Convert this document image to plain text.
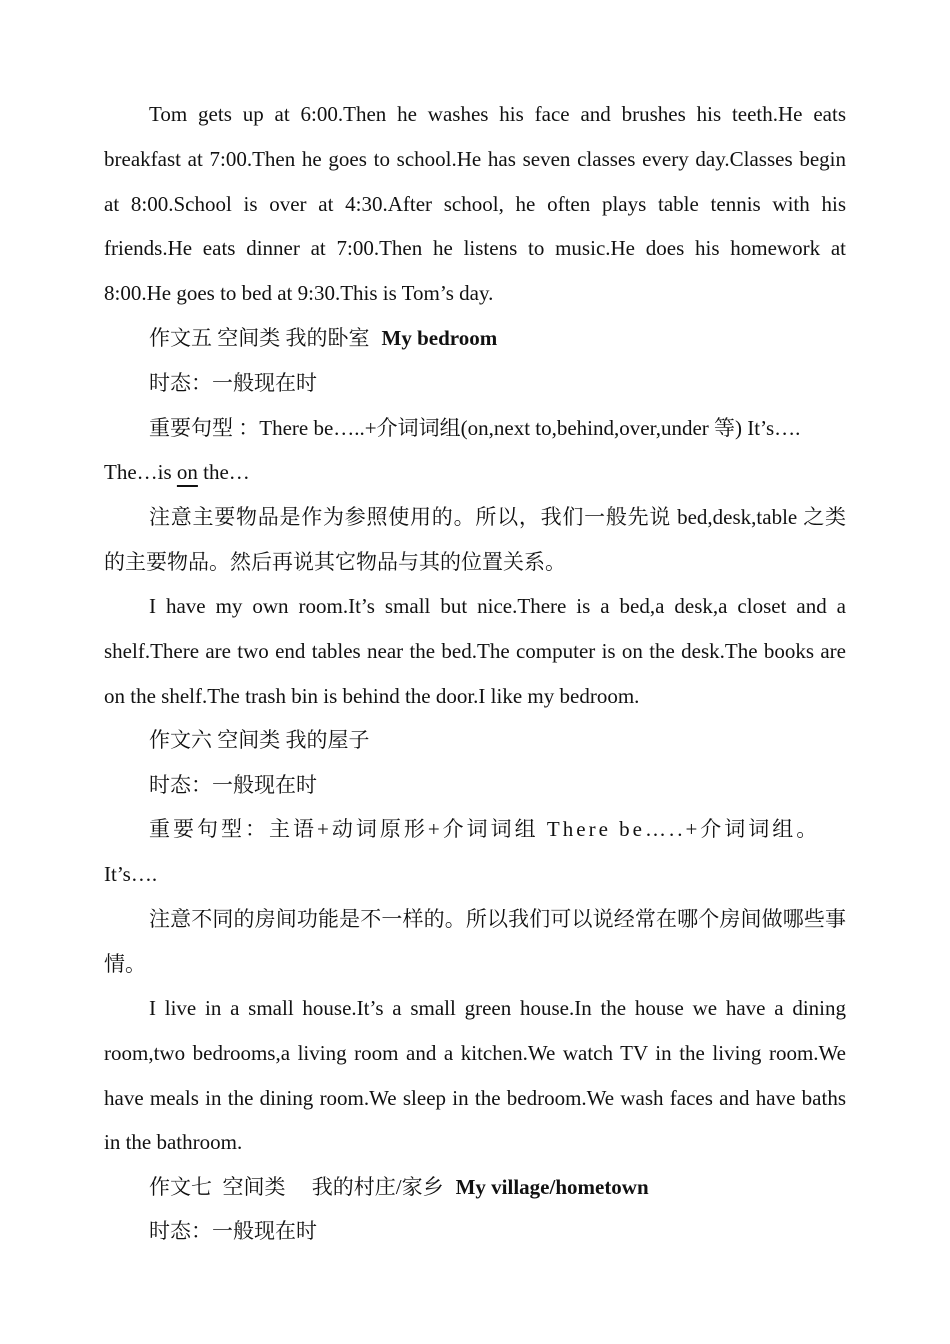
Tom gets up at 6:00.Then he washes his face and brushes his teeth.He eats breakfast at 7:00.Then he goes to school.He has seven classes every day.Classes begin at 8:00.School is over at 4:30.After school, he often plays table tennis with his friends.He eats dinner at 7:00.Then he listens to music.He does his homework at 8:00.He goes to bed at 9:30.This is Tom’s day.

作文五 空间类 我的卧室 My bedroom

时态：一般现在时

重要句型 ：There be…..+介词词组(on,next to,behind,over,under 等) It’s….

The…is on the…

注意主要物品是作为参照使用的。所以，我们一般先说 bed,desk,table 之类的主要物品。然后再说其它物品与其的位置关系。

I have my own room.It’s small but nice.There is a bed,a desk,a closet and a shelf.There are two end tables near the bed.The computer is on the desk.The books are on the shelf.The trash bin is behind the door.I like my bedroom.

作文六 空间类 我的屋子

时态：一般现在时

重要句型：主语+动词原形+介词词组 There be…..+介词词组。

It’s….

注意不同的房间功能是不一样的。所以我们可以说经常在哪个房间做哪些事情。

I live in a small house.It’s a small green house.In the house we have a dining room,two bedrooms,a living room and a kitchen.We watch TV in the living room.We have meals in the dining room.We sleep in the bedroom.We wash faces and have baths in the bathroom.

作文七  空间类     我的村庄/家乡 My village/hometown

时态：一般现在时
